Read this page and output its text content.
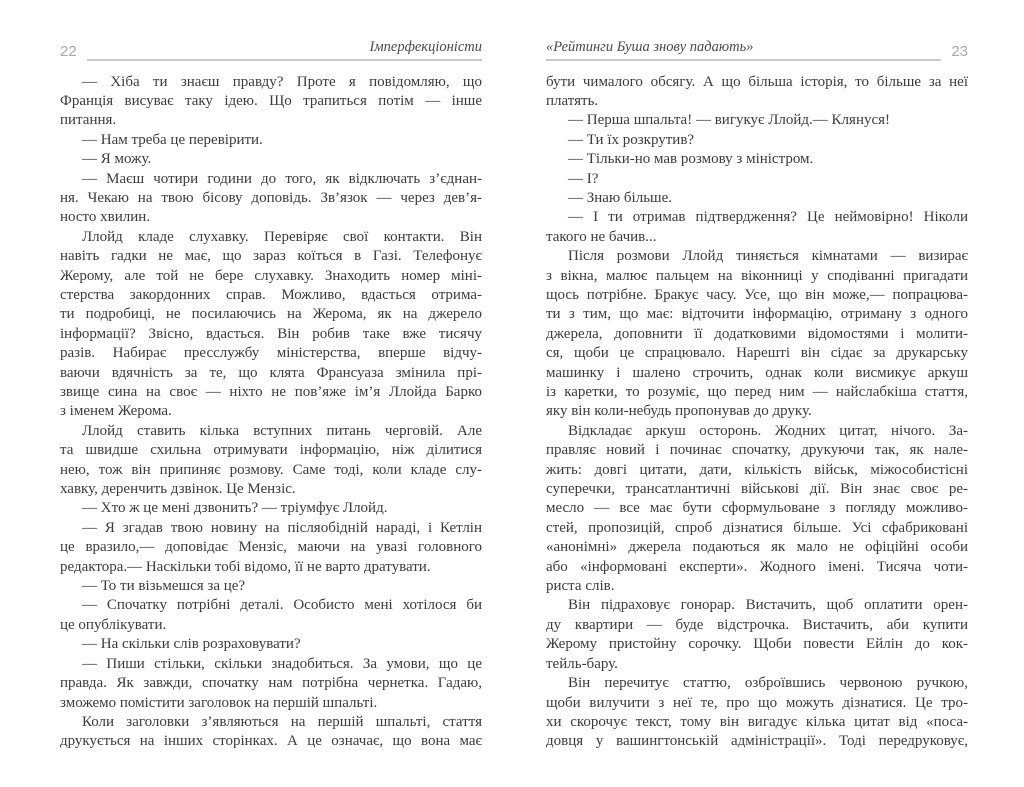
22	Імперфекціоністи
— Хіба ти знаєш правду? Проте я повідомляю, що
Франція висуває таку ідею. Що трапиться потім — інше
питання.
— Нам треба це перевірити.
— Я можу.
— Маєш чотири години до того, як відключать з’єднан-
ня. Чекаю на твою бісову доповідь. Зв’язок — через дев’я-
носто хвилин.
Ллойд кладе слухавку. Перевіряє свої контакти. Він
навіть гадки не має, що зараз коїться в Газі. Телефонує
Жерому, але той не бере слухавку. Знаходить номер міні-
стерства закордонних справ. Можливо, вдасться отрима-
ти подробиці, не посилаючись на Жерома, як на джерело
інформації? Звісно, вдасться. Він робив таке вже тисячу
разів. Набирає пресслужбу міністерства, вперше відчу-
ваючи вдячність за те, що клята Франсуаза змінила прі-
звище сина на своє — ніхто не пов’яже ім’я Ллойда Барко
з іменем Жерома.
Ллойд ставить кілька вступних питань черговій. Але
та швидше схильна отримувати інформацію, ніж ділитися
нею, тож він припиняє розмову. Саме тоді, коли кладе слу-
хавку, деренчить дзвінок. Це Мензіс.
— Хто ж це мені дзвонить? — тріумфує Ллойд.
— Я згадав твою новину на післяобідній нараді, і Кетлін
це вразило,— доповідає Мензіс, маючи на увазі головного
редактора.— Наскільки тобі відомо, її не варто дратувати.
— То ти візьмешся за це?
— Спочатку потрібні деталі. Особисто мені хотілося би
це опублікувати.
— На скільки слів розраховувати?
— Пиши стільки, скільки знадобиться. За умови, що це
правда. Як завжди, спочатку нам потрібна чернетка. Гадаю,
зможемо помістити заголовок на першій шпальті.
Коли заголовки з’являються на першій шпальті, стаття
друкується на інших сторінках. А це означає, що вона має
«Рейтинги Буша знову падають»	23
бути чималого обсягу. А що більша історія, то більше за неї
платять.
— Перша шпальта! — вигукує Ллойд.— Клянуся!
— Ти їх розкрутив?
— Тільки-но мав розмову з міністром.
— І?
— Знаю більше.
— І ти отримав підтвердження? Це неймовірно! Ніколи
такого не бачив...
Після розмови Ллойд тиняється кімнатами — визирає
з вікна, малює пальцем на віконниці у сподіванні пригадати
щось потрібне. Бракує часу. Усе, що він може,— попрацюва-
ти з тим, що має: відточити інформацію, отриману з одного
джерела, доповнити її додатковими відомостями і молити-
ся, щоби це спрацювало. Нарешті він сідає за друкарську
машинку і шалено строчить, однак коли висмикує аркуш
із каретки, то розуміє, що перед ним — найслабкіша стаття,
яку він коли-небудь пропонував до друку.
Відкладає аркуш осторонь. Жодних цитат, нічого. За-
правляє новий і починає спочатку, друкуючи так, як нале-
жить: довгі цитати, дати, кількість військ, міжособистісні
суперечки, трансатлантичні військові дії. Він знає своє ре-
месло — все має бути сформульоване з погляду можливо-
стей, пропозицій, спроб дізнатися більше. Усі сфабриковані
«анонімні» джерела подаються як мало не офіційні особи
або «інформовані експерти». Жодного імені. Тисяча чоти-
риста слів.
Він підраховує гонорар. Вистачить, щоб оплатити орен-
ду квартири — буде відстрочка. Вистачить, аби купити
Жерому пристойну сорочку. Щоби повести Ейлін до кок-
тейль-бару.
Він перечитує статтю, озброївшись червоною ручкою,
щоби вилучити з неї те, про що можуть дізнатися. Це тро-
хи скорочує текст, тому він вигадує кілька цитат від «поса-
довця у вашингтонській адміністрації». Тоді передруковує,
